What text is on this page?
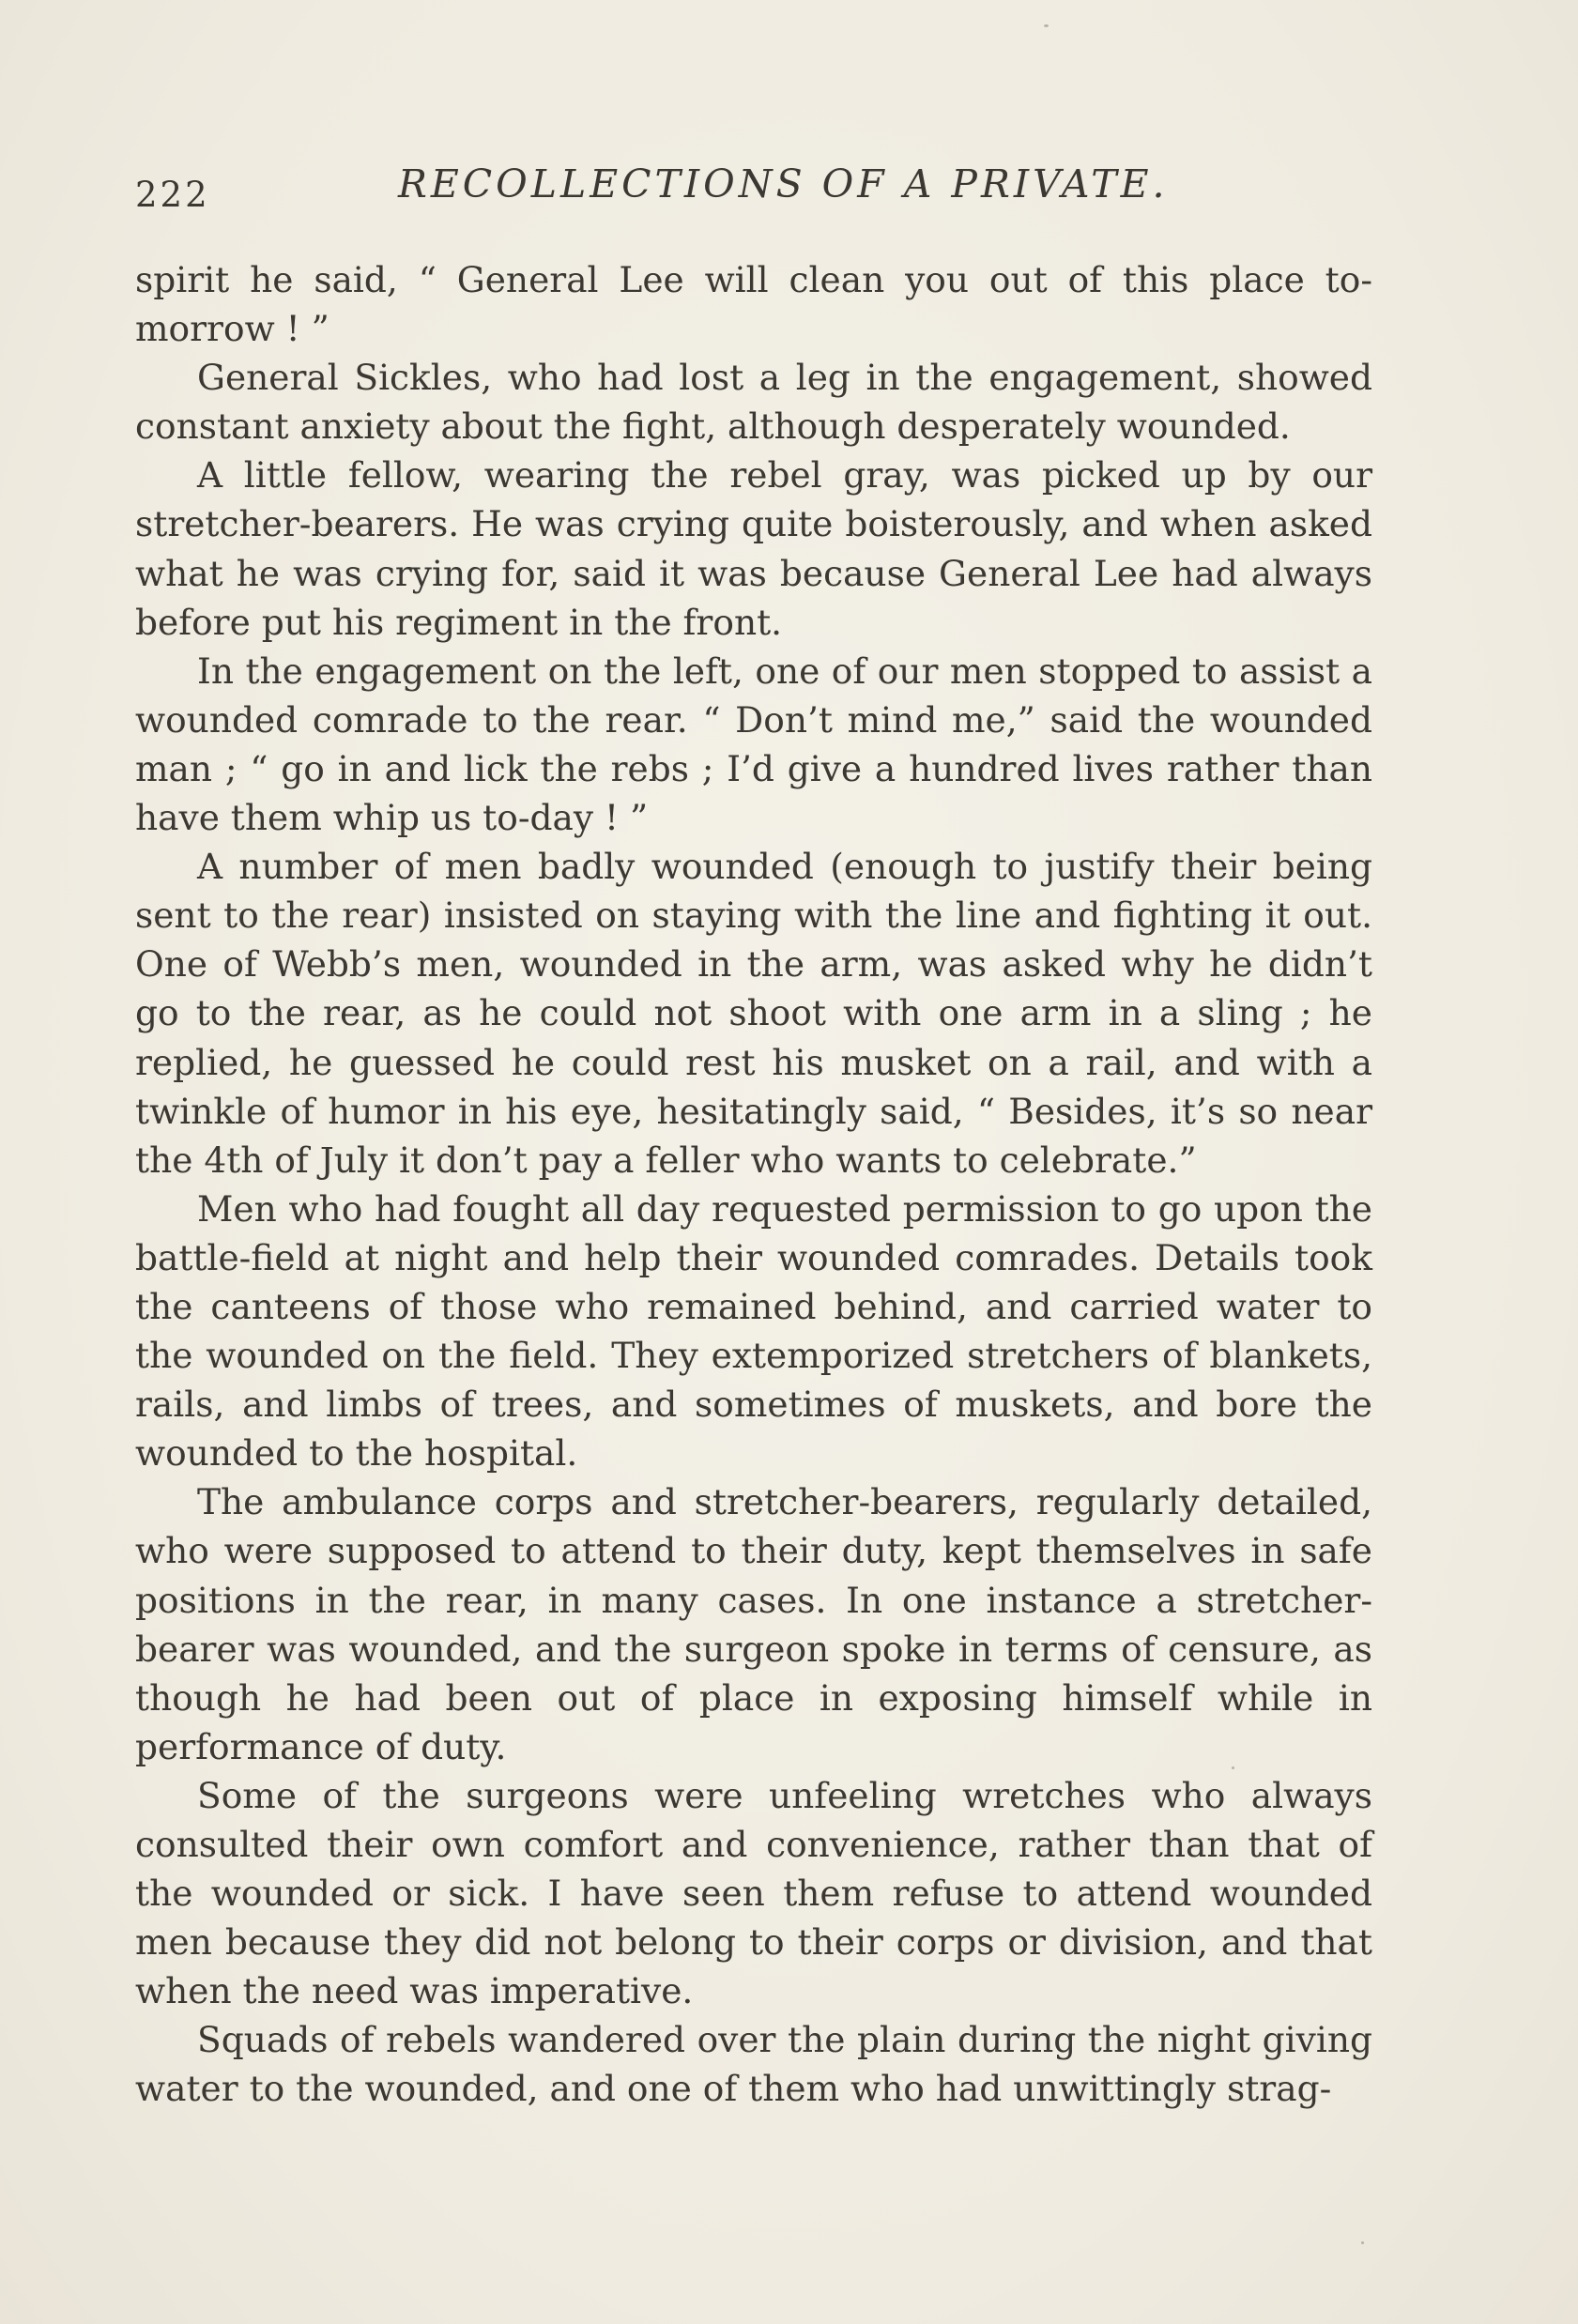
222	RECOLLECTIONS OF A PRIVATE.

spirit he said, “ General Lee will clean you out of this place to-morrow ! ”

General Sickles, who had lost a leg in the engagement, showed constant anxiety about the fight, although desperately wounded.

A little fellow, wearing the rebel gray, was picked up by our stretcher-bearers. He was crying quite boisterously, and when asked what he was crying for, said it was because General Lee had always before put his regiment in the front.

In the engagement on the left, one of our men stopped to assist a wounded comrade to the rear. “ Don’t mind me,” said the wounded man ; “ go in and lick the rebs ; I’d give a hundred lives rather than have them whip us to-day ! ”

A number of men badly wounded (enough to justify their being sent to the rear) insisted on staying with the line and fighting it out. One of Webb’s men, wounded in the arm, was asked why he didn’t go to the rear, as he could not shoot with one arm in a sling ; he replied, he guessed he could rest his musket on a rail, and with a twinkle of humor in his eye, hesitatingly said, “ Besides, it’s so near the 4th of July it don’t pay a feller who wants to celebrate.”

Men who had fought all day requested permission to go upon the battle-field at night and help their wounded comrades. Details took the canteens of those who remained behind, and carried water to the wounded on the field. They extemporized stretchers of blankets, rails, and limbs of trees, and sometimes of muskets, and bore the wounded to the hospital.

The ambulance corps and stretcher-bearers, regularly detailed, who were supposed to attend to their duty, kept themselves in safe positions in the rear, in many cases. In one instance a stretcher-bearer was wounded, and the surgeon spoke in terms of censure, as though he had been out of place in exposing himself while in performance of duty.

Some of the surgeons were unfeeling wretches who always consulted their own comfort and convenience, rather than that of the wounded or sick. I have seen them refuse to attend wounded men because they did not belong to their corps or division, and that when the need was imperative.

Squads of rebels wandered over the plain during the night giving water to the wounded, and one of them who had unwittingly strag-
